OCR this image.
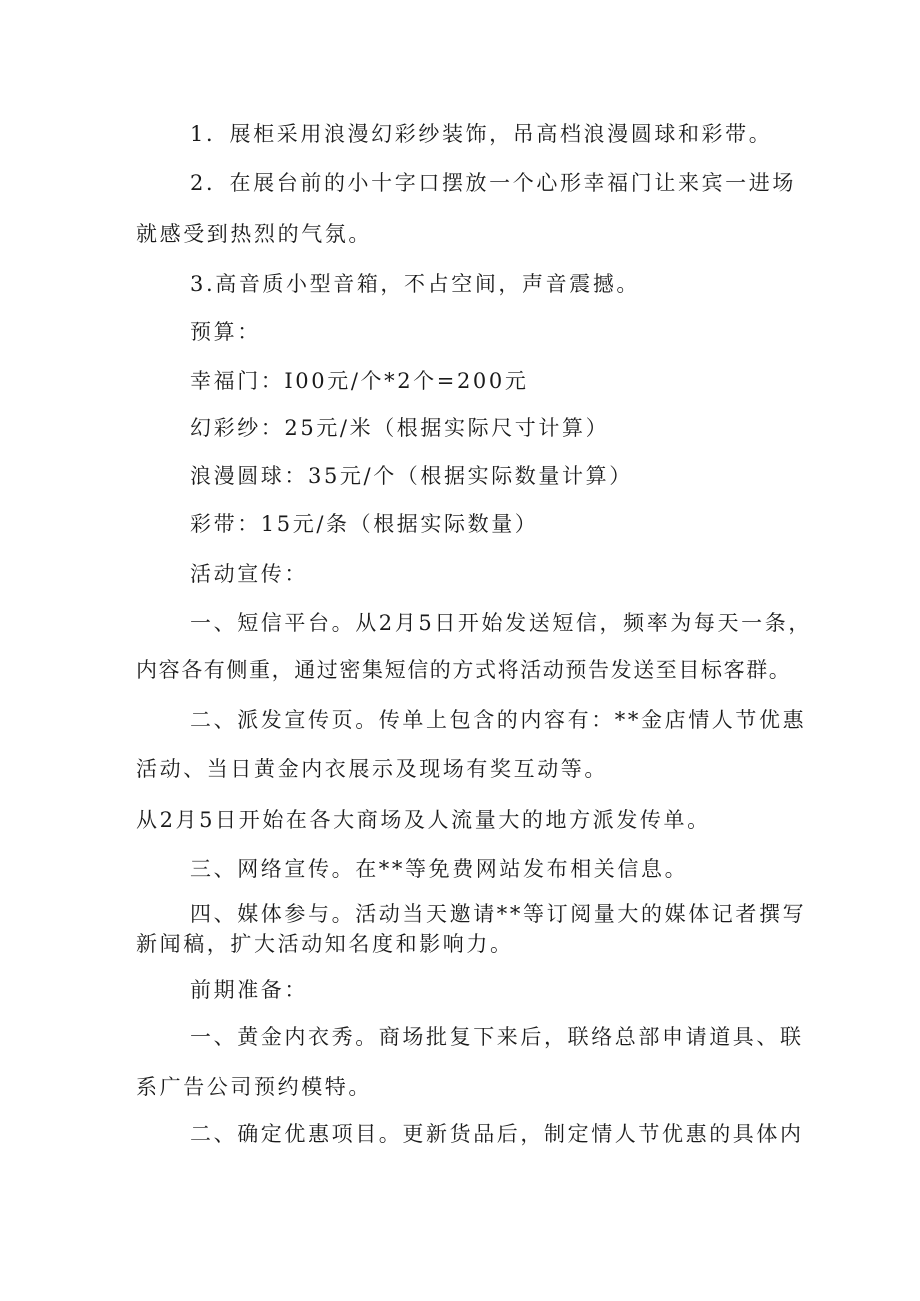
1．展柜采用浪漫幻彩纱装饰，吊高档浪漫圆球和彩带。
2．在展台前的小十字口摆放一个心形幸福门让来宾一进场
就感受到热烈的气氛。
3.高音质小型音箱，不占空间，声音震撼。
预算：
幸福门：I00元/个*2个=200元
幻彩纱：25元/米（根据实际尺寸计算）
浪漫圆球：35元/个（根据实际数量计算）
彩带：15元/条（根据实际数量）
活动宣传：
一、短信平台。从2月5日开始发送短信，频率为每天一条，
内容各有侧重，通过密集短信的方式将活动预告发送至目标客群。
二、派发宣传页。传单上包含的内容有：**金店情人节优惠
活动、当日黄金内衣展示及现场有奖互动等。
从2月5日开始在各大商场及人流量大的地方派发传单。
三、网络宣传。在**等免费网站发布相关信息。
四、媒体参与。活动当天邀请**等订阅量大的媒体记者撰写
新闻稿，扩大活动知名度和影响力。
前期准备：
一、黄金内衣秀。商场批复下来后，联络总部申请道具、联
系广告公司预约模特。
二、确定优惠项目。更新货品后，制定情人节优惠的具体内
